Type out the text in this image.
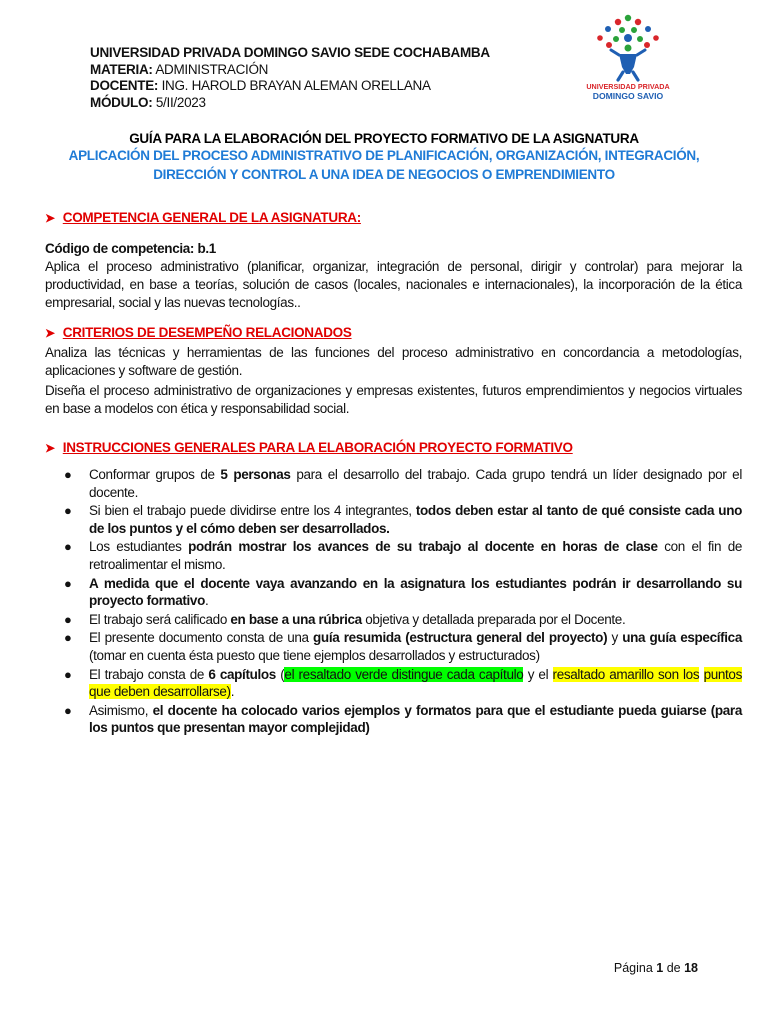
UNIVERSIDAD PRIVADA DOMINGO SAVIO SEDE COCHABAMBA
MATERIA: ADMINISTRACIÓN
DOCENTE: ING. HAROLD BRAYAN ALEMAN ORELLANA
MÓDULO: 5/II/2023
UNIVERSIDAD PRIVADA
DOMINGO SAVIO
GUÍA PARA LA ELABORACIÓN DEL PROYECTO FORMATIVO DE LA ASIGNATURA
APLICACIÓN DEL PROCESO ADMINISTRATIVO DE PLANIFICACIÓN, ORGANIZACIÓN, INTEGRACIÓN,
DIRECCIÓN Y CONTROL A UNA IDEA DE NEGOCIOS O EMPRENDIMIENTO
➤ COMPETENCIA GENERAL DE LA ASIGNATURA:
Código de competencia: b.1
Aplica el proceso administrativo (planificar, organizar, integración de personal, dirigir y controlar) para mejorar la productividad, en base a teorías, solución de casos (locales, nacionales e internacionales), la incorporación de la ética empresarial, social y las nuevas tecnologías..
➤ CRITERIOS DE DESEMPEÑO RELACIONADOS
Analiza las técnicas y herramientas de las funciones del proceso administrativo en concordancia a metodologías, aplicaciones y software de gestión.
Diseña el proceso administrativo de organizaciones y empresas existentes, futuros emprendimientos y negocios virtuales en base a modelos con ética y responsabilidad social.
➤ INSTRUCCIONES GENERALES PARA LA ELABORACIÓN PROYECTO FORMATIVO
● Conformar grupos de 5 personas para el desarrollo del trabajo. Cada grupo tendrá un líder designado por el docente.
● Si bien el trabajo puede dividirse entre los 4 integrantes, todos deben estar al tanto de qué consiste cada uno de los puntos y el cómo deben ser desarrollados.
● Los estudiantes podrán mostrar los avances de su trabajo al docente en horas de clase con el fin de retroalimentar el mismo.
● A medida que el docente vaya avanzando en la asignatura los estudiantes podrán ir desarrollando su proyecto formativo.
● El trabajo será calificado en base a una rúbrica objetiva y detallada preparada por el Docente.
● El presente documento consta de una guía resumida (estructura general del proyecto) y una guía específica (tomar en cuenta ésta puesto que tiene ejemplos desarrollados y estructurados)
● El trabajo consta de 6 capítulos (el resaltado verde distingue cada capítulo y el resaltado amarillo son los puntos que deben desarrollarse).
● Asimismo, el docente ha colocado varios ejemplos y formatos para que el estudiante pueda guiarse (para los puntos que presentan mayor complejidad)
Página 1 de 18
